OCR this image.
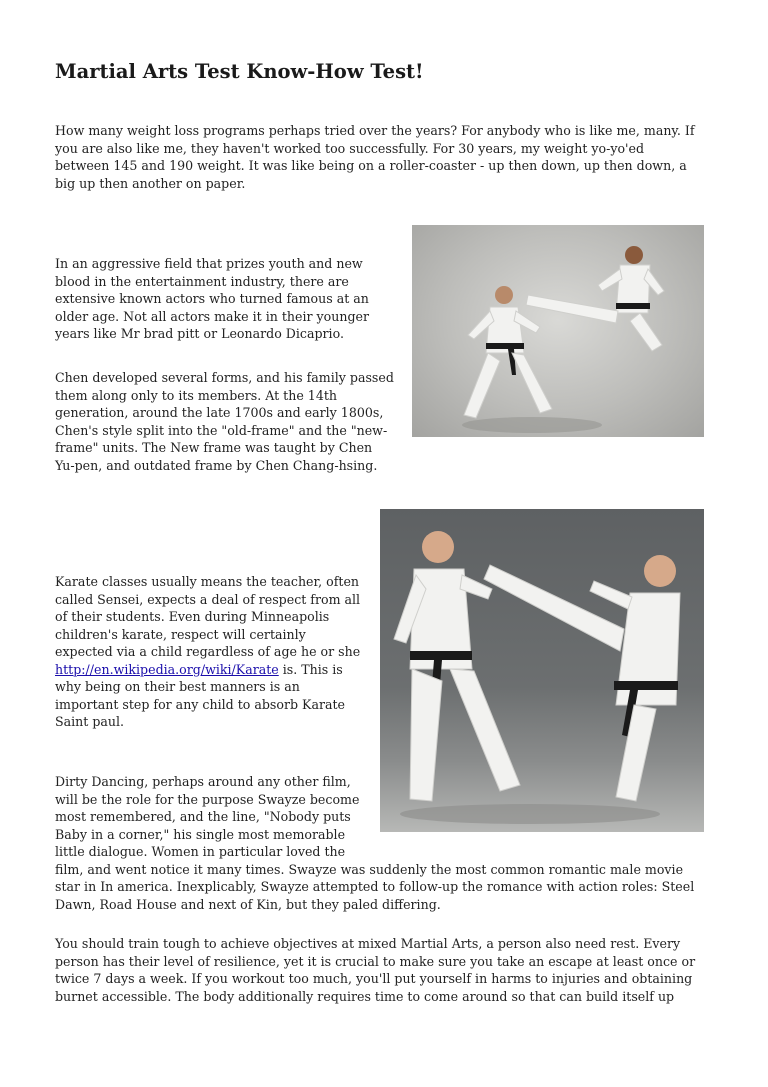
Martial Arts Test Know-How Test!
How many weight loss programs perhaps tried over the years? For anybody who is like me, many. If
you are also like me, they haven't worked too successfully. For 30 years, my weight yo-yo'ed
between 145 and 190 weight. It was like being on a roller-coaster - up then down, up then down, a
big up then another on paper.
In an aggressive field that prizes youth and new
blood in the entertainment industry, there are
extensive known actors who turned famous at an
older age. Not all actors make it in their younger
years like Mr brad pitt or Leonardo Dicaprio.
Chen developed several forms, and his family passed
them along only to its members. At the 14th
generation, around the late 1700s and early 1800s,
Chen's style split into the "old-frame" and the "new-
frame" units. The New frame was taught by Chen
Yu-pen, and outdated frame by Chen Chang-hsing.
Karate classes usually means the teacher, often
called Sensei, expects a deal of respect from all
of their students. Even during Minneapolis
children's karate, respect will certainly
expected via a child regardless of age he or she
http://en.wikipedia.org/wiki/Karate is. This is
why being on their best manners is an
important step for any child to absorb Karate
Saint paul.
Dirty Dancing, perhaps around any other film,
will be the role for the purpose Swayze become
most remembered, and the line, "Nobody puts
Baby in a corner," his single most memorable
little dialogue. Women in particular loved the
film, and went notice it many times. Swayze was suddenly the most common romantic male movie
star in In america. Inexplicably, Swayze attempted to follow-up the romance with action roles: Steel
Dawn, Road House and next of Kin, but they paled differing.
You should train tough to achieve objectives at mixed Martial Arts, a person also need rest. Every
person has their level of resilience, yet it is crucial to make sure you take an escape at least once or
twice 7 days a week. If you workout too much, you'll put yourself in harms to injuries and obtaining
burnet accessible. The body additionally requires time to come around so that can build itself up
